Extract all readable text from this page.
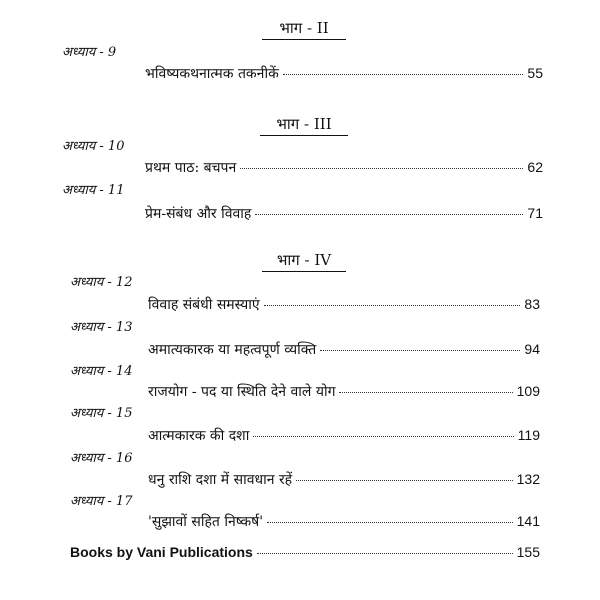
भाग - II
अध्याय - 9
भविष्यकथनात्मक तकनीकें	55
भाग - III
अध्याय - 10
प्रथम पाठ: बचपन	62
अध्याय - 11
प्रेम-संबंध और विवाह	71
भाग - IV
अध्याय - 12
विवाह संबंधी समस्याएं	83
अध्याय - 13
अमात्यकारक या महत्वपूर्ण व्यक्ति	94
अध्याय - 14
राजयोग - पद या स्थिति देने वाले योग	109
अध्याय - 15
आत्मकारक की दशा	119
अध्याय - 16
धनु राशि दशा में सावधान रहें	132
अध्याय - 17
'सुझावों सहित निष्कर्ष'	141
Books by Vani Publications	155
